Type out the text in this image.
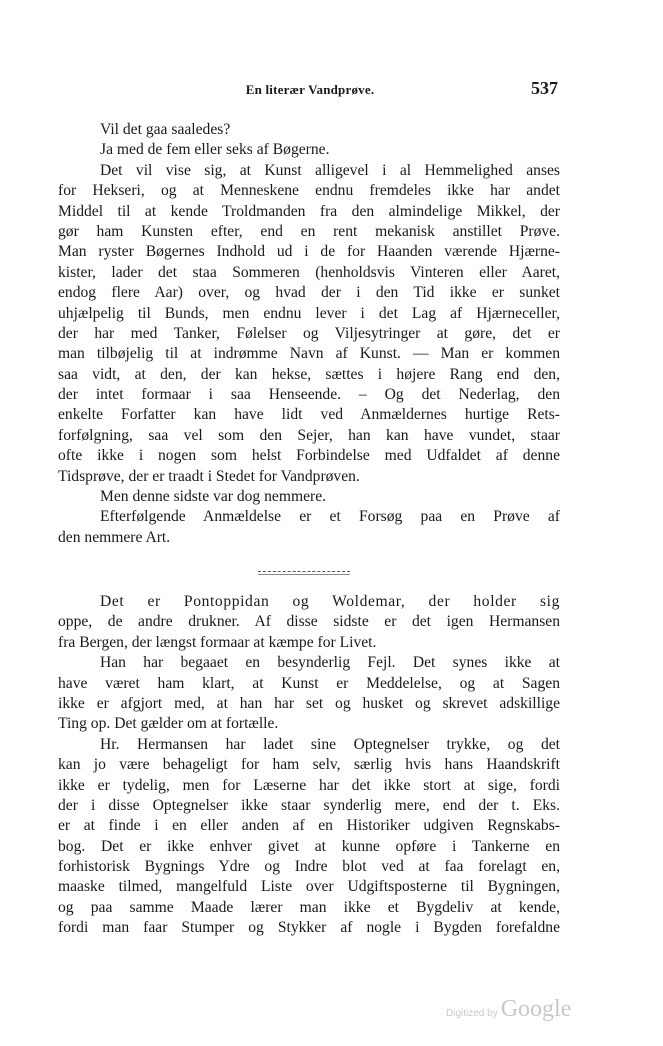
En literær Vandprøve.	537
Vil det gaa saaledes?
Ja med de fem eller seks af Bøgerne.
Det vil vise sig, at Kunst alligevel i al Hemmelighed anses
for Hekseri, og at Menneskene endnu fremdeles ikke har andet
Middel til at kende Troldmanden fra den almindelige Mikkel, der
gør ham Kunsten efter, end en rent mekanisk anstillet Prøve.
Man ryster Bøgernes Indhold ud i de for Haanden værende Hjærne-
kister, lader det staa Sommeren (henholdsvis Vinteren eller Aaret,
endog flere Aar) over, og hvad der i den Tid ikke er sunket
uhjælpelig til Bunds, men endnu lever i det Lag af Hjærneceller,
der har med Tanker, Følelser og Viljesytringer at gøre, det er
man tilbøjelig til at indrømme Navn af Kunst. — Man er kommen
saa vidt, at den, der kan hekse, sættes i højere Rang end den,
der intet formaar i saa Henseende. – Og det Nederlag, den
enkelte Forfatter kan have lidt ved Anmældernes hurtige Rets-
forfølgning, saa vel som den Sejer, han kan have vundet, staar
ofte ikke i nogen som helst Forbindelse med Udfaldet af denne
Tidsprøve, der er traadt i Stedet for Vandprøven.
Men denne sidste var dog nemmere.
Efterfølgende Anmældelse er et Forsøg paa en Prøve af
den nemmere Art.
Det er Pontoppidan og Woldemar, der holder sig
oppe, de andre drukner. Af disse sidste er det igen Hermansen
fra Bergen, der længst formaar at kæmpe for Livet.
Han har begaaet en besynderlig Fejl. Det synes ikke at
have været ham klart, at Kunst er Meddelelse, og at Sagen
ikke er afgjort med, at han har set og husket og skrevet adskillige
Ting op. Det gælder om at fortælle.
Hr. Hermansen har ladet sine Optegnelser trykke, og det
kan jo være behageligt for ham selv, særlig hvis hans Haandskrift
ikke er tydelig, men for Læserne har det ikke stort at sige, fordi
der i disse Optegnelser ikke staar synderlig mere, end der t. Eks.
er at finde i en eller anden af en Historiker udgiven Regnskabs-
bog. Det er ikke enhver givet at kunne opføre i Tankerne en
forhistorisk Bygnings Ydre og Indre blot ved at faa forelagt en,
maaske tilmed, mangelfuld Liste over Udgiftsposterne til Bygningen,
og paa samme Maade lærer man ikke et Bygdeliv at kende,
fordi man faar Stumper og Stykker af nogle i Bygden forefaldne
Digitized by Google
